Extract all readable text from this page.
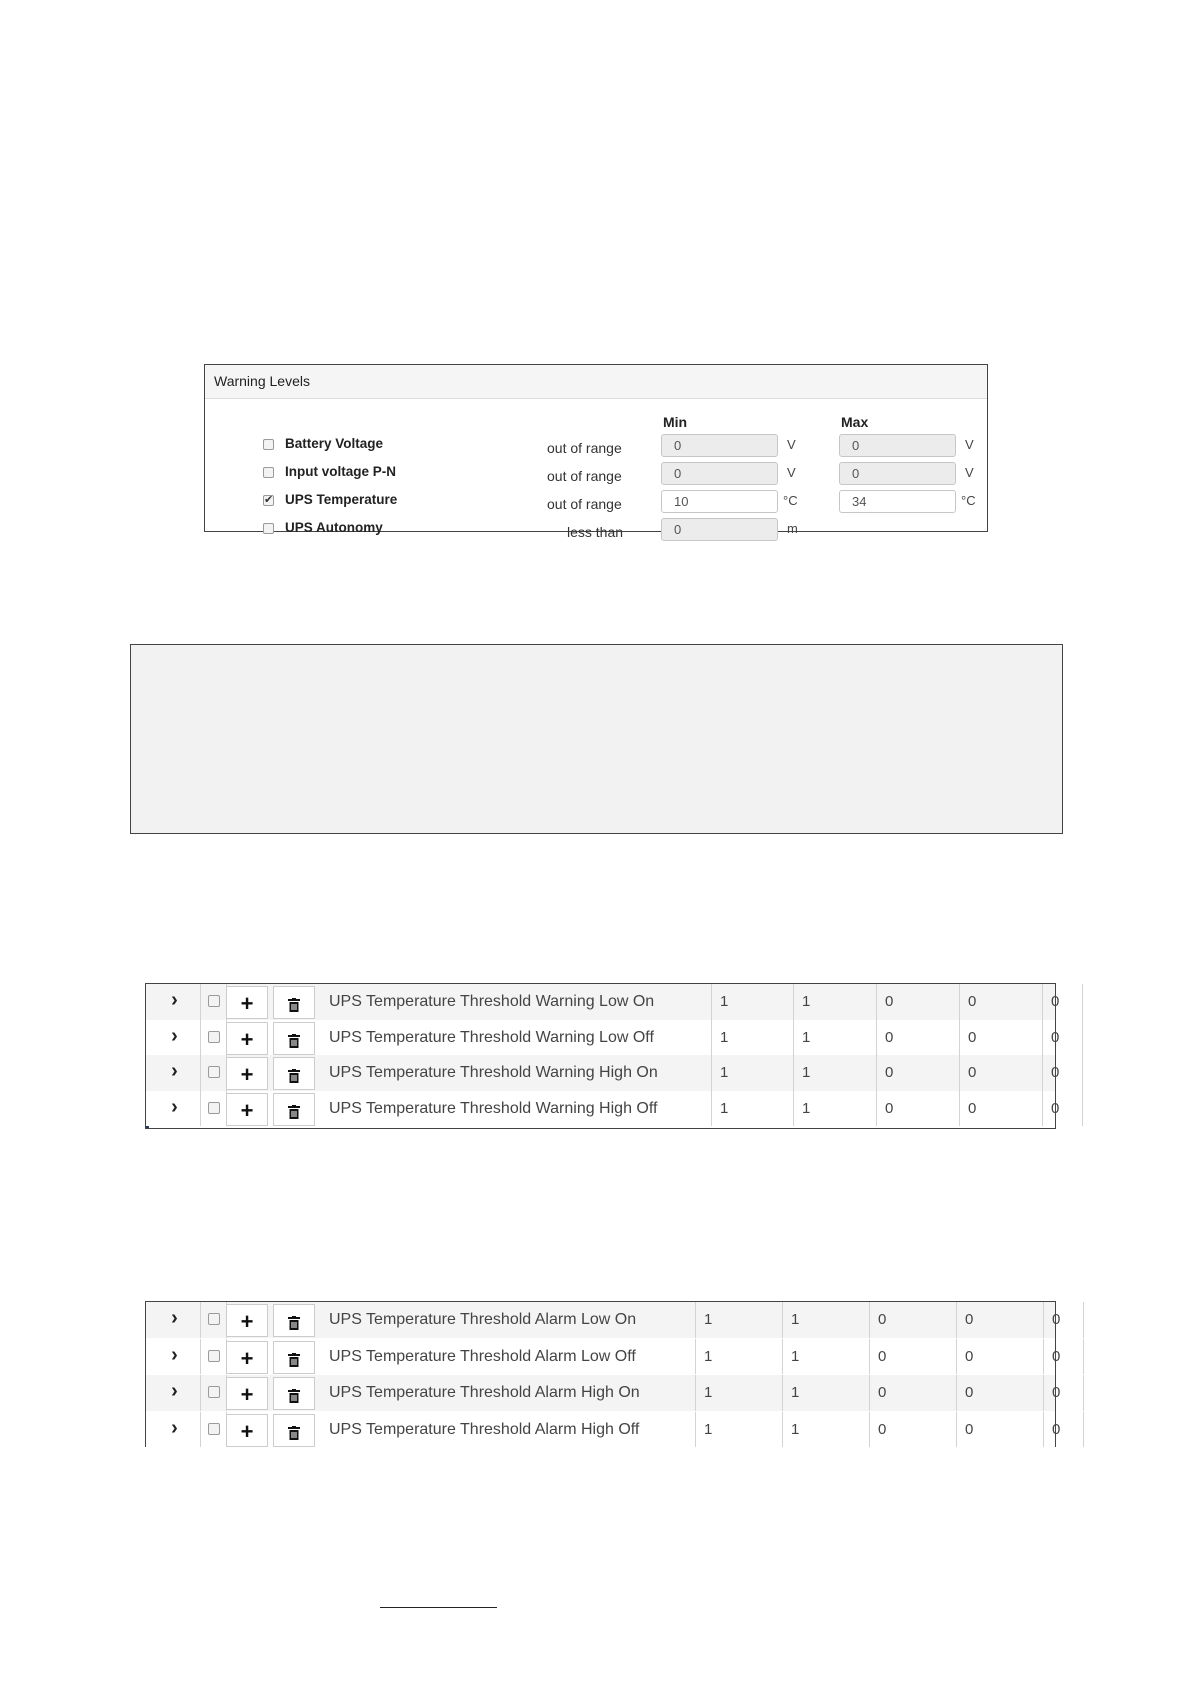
Warning Levels
Min	Max
Battery Voltage	out of range	0	V	0	V
Input voltage P-N	out of range	0	V	0	V
✔ UPS Temperature	out of range	10	°C	34	°C
UPS Autonomy	less than	0	m
›	+	UPS Temperature Threshold Warning Low On	1	1	0	0	0
›	+	UPS Temperature Threshold Warning Low Off	1	1	0	0	0
›	+	UPS Temperature Threshold Warning High On	1	1	0	0	0
›	+	UPS Temperature Threshold Warning High Off	1	1	0	0	0
›	+	UPS Temperature Threshold Alarm Low On	1	1	0	0	0
›	+	UPS Temperature Threshold Alarm Low Off	1	1	0	0	0
›	+	UPS Temperature Threshold Alarm High On	1	1	0	0	0
›	+	UPS Temperature Threshold Alarm High Off	1	1	0	0	0
